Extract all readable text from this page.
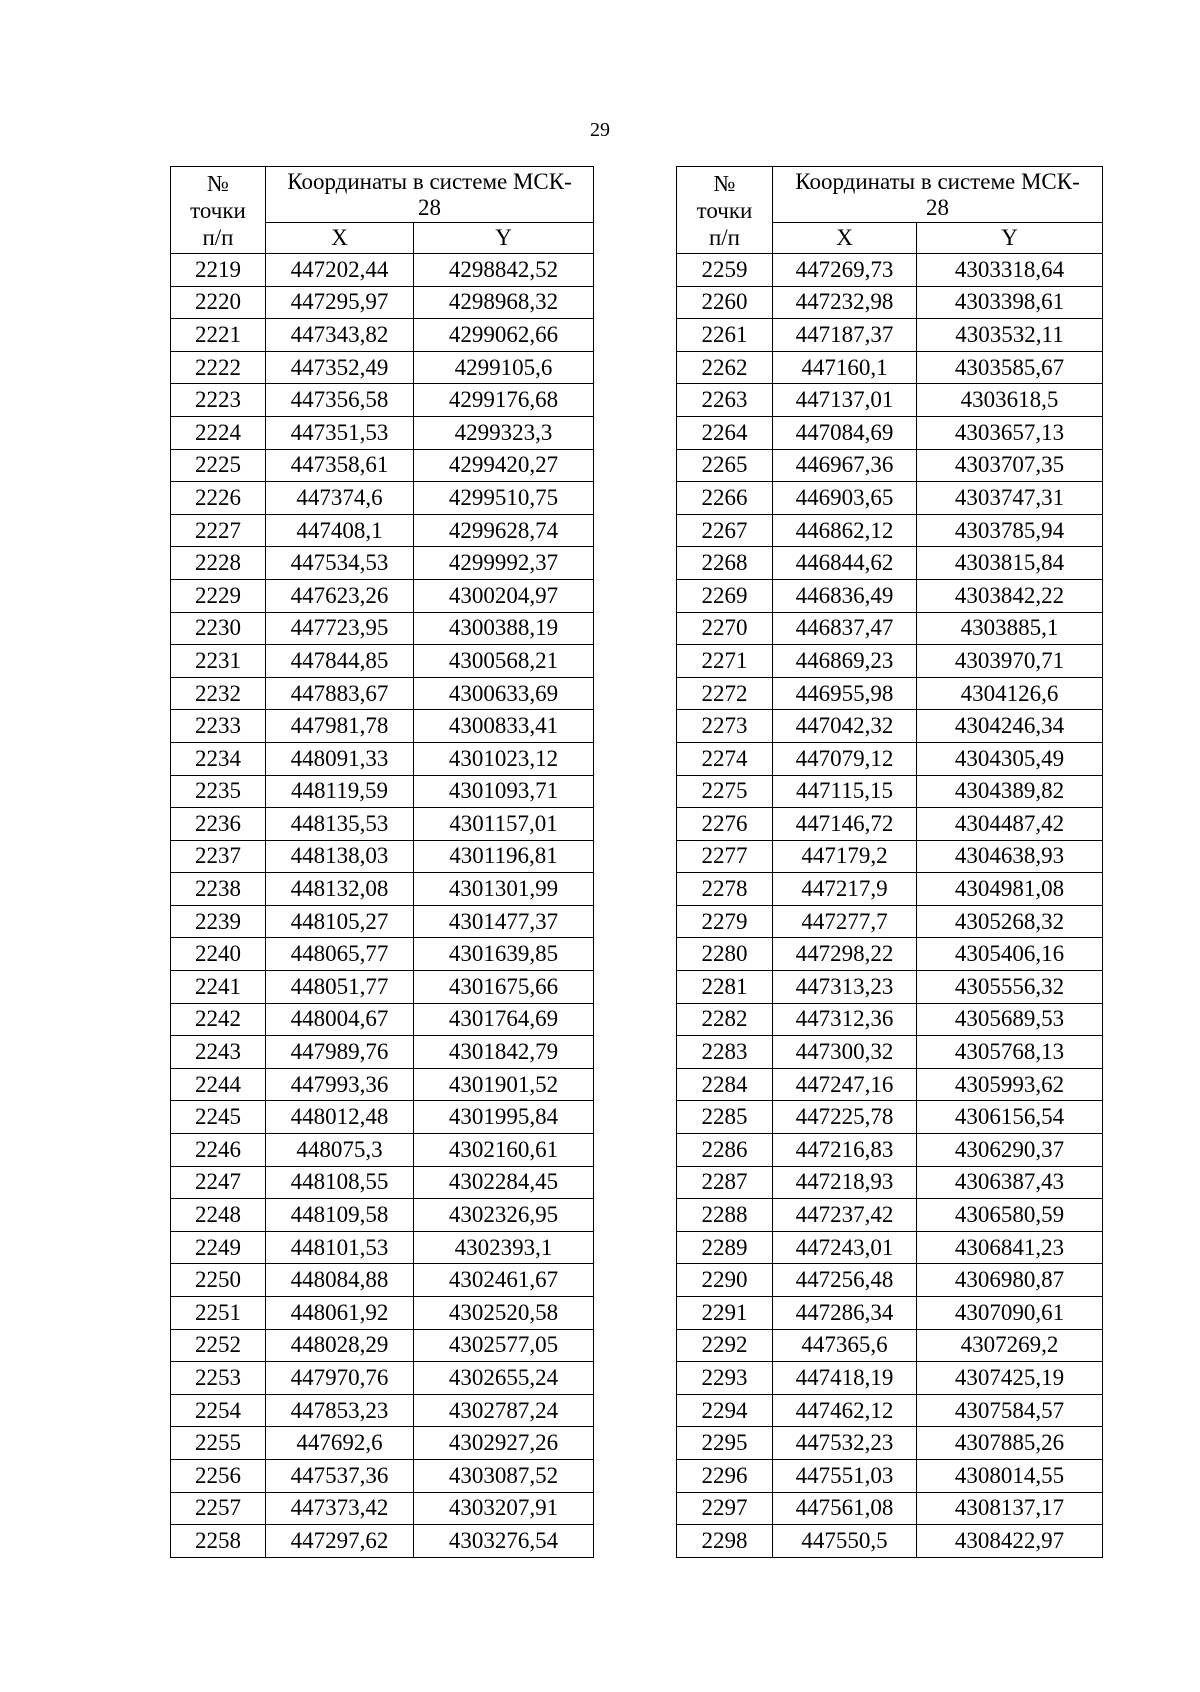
29
№
точки
п/п	Координаты в системе МСК-
28	
	X	Y
2219	447202,44	4298842,52
2220	447295,97	4298968,32
2221	447343,82	4299062,66
2222	447352,49	4299105,6
2223	447356,58	4299176,68
2224	447351,53	4299323,3
2225	447358,61	4299420,27
2226	447374,6	4299510,75
2227	447408,1	4299628,74
2228	447534,53	4299992,37
2229	447623,26	4300204,97
2230	447723,95	4300388,19
2231	447844,85	4300568,21
2232	447883,67	4300633,69
2233	447981,78	4300833,41
2234	448091,33	4301023,12
2235	448119,59	4301093,71
2236	448135,53	4301157,01
2237	448138,03	4301196,81
2238	448132,08	4301301,99
2239	448105,27	4301477,37
2240	448065,77	4301639,85
2241	448051,77	4301675,66
2242	448004,67	4301764,69
2243	447989,76	4301842,79
2244	447993,36	4301901,52
2245	448012,48	4301995,84
2246	448075,3	4302160,61
2247	448108,55	4302284,45
2248	448109,58	4302326,95
2249	448101,53	4302393,1
2250	448084,88	4302461,67
2251	448061,92	4302520,58
2252	448028,29	4302577,05
2253	447970,76	4302655,24
2254	447853,23	4302787,24
2255	447692,6	4302927,26
2256	447537,36	4303087,52
2257	447373,42	4303207,91
2258	447297,62	4303276,54
№
точки
п/п	Координаты в системе МСК-
28	
	X	Y
2259	447269,73	4303318,64
2260	447232,98	4303398,61
2261	447187,37	4303532,11
2262	447160,1	4303585,67
2263	447137,01	4303618,5
2264	447084,69	4303657,13
2265	446967,36	4303707,35
2266	446903,65	4303747,31
2267	446862,12	4303785,94
2268	446844,62	4303815,84
2269	446836,49	4303842,22
2270	446837,47	4303885,1
2271	446869,23	4303970,71
2272	446955,98	4304126,6
2273	447042,32	4304246,34
2274	447079,12	4304305,49
2275	447115,15	4304389,82
2276	447146,72	4304487,42
2277	447179,2	4304638,93
2278	447217,9	4304981,08
2279	447277,7	4305268,32
2280	447298,22	4305406,16
2281	447313,23	4305556,32
2282	447312,36	4305689,53
2283	447300,32	4305768,13
2284	447247,16	4305993,62
2285	447225,78	4306156,54
2286	447216,83	4306290,37
2287	447218,93	4306387,43
2288	447237,42	4306580,59
2289	447243,01	4306841,23
2290	447256,48	4306980,87
2291	447286,34	4307090,61
2292	447365,6	4307269,2
2293	447418,19	4307425,19
2294	447462,12	4307584,57
2295	447532,23	4307885,26
2296	447551,03	4308014,55
2297	447561,08	4308137,17
2298	447550,5	4308422,97
